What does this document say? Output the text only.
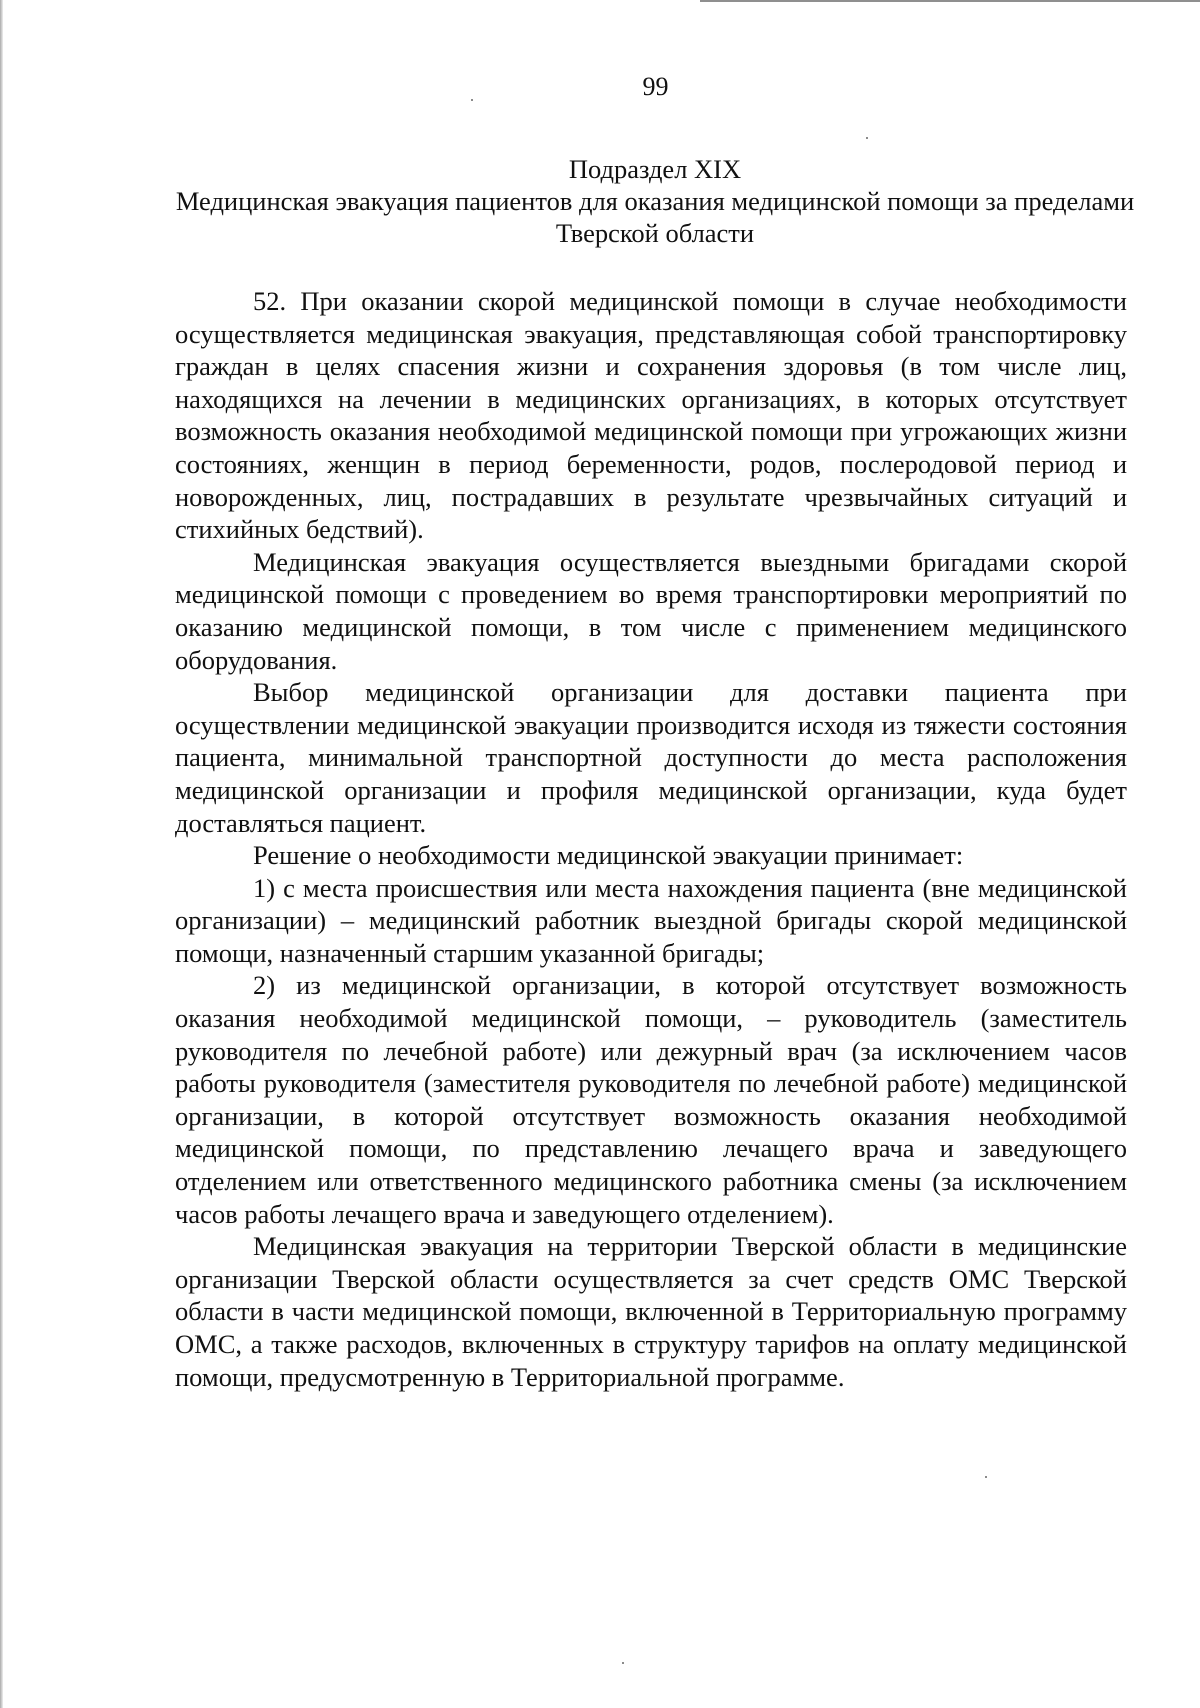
99
Подраздел XIX
Медицинская эвакуация пациентов для оказания медицинской помощи за пределами Тверской области

52. При оказании скорой медицинской помощи в случае необходимости осуществляется медицинская эвакуация, представляющая собой транспортировку граждан в целях спасения жизни и сохранения здоровья (в том числе лиц, находящихся на лечении в медицинских организациях, в которых отсутствует возможность оказания необходимой медицинской помощи при угрожающих жизни состояниях, женщин в период беременности, родов, послеродовой период и новорожденных, лиц, пострадавших в результате чрезвычайных ситуаций и стихийных бедствий).

Медицинская эвакуация осуществляется выездными бригадами скорой медицинской помощи с проведением во время транспортировки мероприятий по оказанию медицинской помощи, в том числе с применением медицинского оборудования.

Выбор медицинской организации для доставки пациента при осуществлении медицинской эвакуации производится исходя из тяжести состояния пациента, минимальной транспортной доступности до места расположения медицинской организации и профиля медицинской организации, куда будет доставляться пациент.

Решение о необходимости медицинской эвакуации принимает:

1) с места происшествия или места нахождения пациента (вне медицинской организации) – медицинский работник выездной бригады скорой медицинской помощи, назначенный старшим указанной бригады;

2) из медицинской организации, в которой отсутствует возможность оказания необходимой медицинской помощи, – руководитель (заместитель руководителя по лечебной работе) или дежурный врач (за исключением часов работы руководителя (заместителя руководителя по лечебной работе) медицинской организации, в которой отсутствует возможность оказания необходимой медицинской помощи, по представлению лечащего врача и заведующего отделением или ответственного медицинского работника смены (за исключением часов работы лечащего врача и заведующего отделением).

Медицинская эвакуация на территории Тверской области в медицинские организации Тверской области осуществляется за счет средств ОМС Тверской области в части медицинской помощи, включенной в Территориальную программу ОМС, а также расходов, включенных в структуру тарифов на оплату медицинской помощи, предусмотренную в Территориальной программе.
